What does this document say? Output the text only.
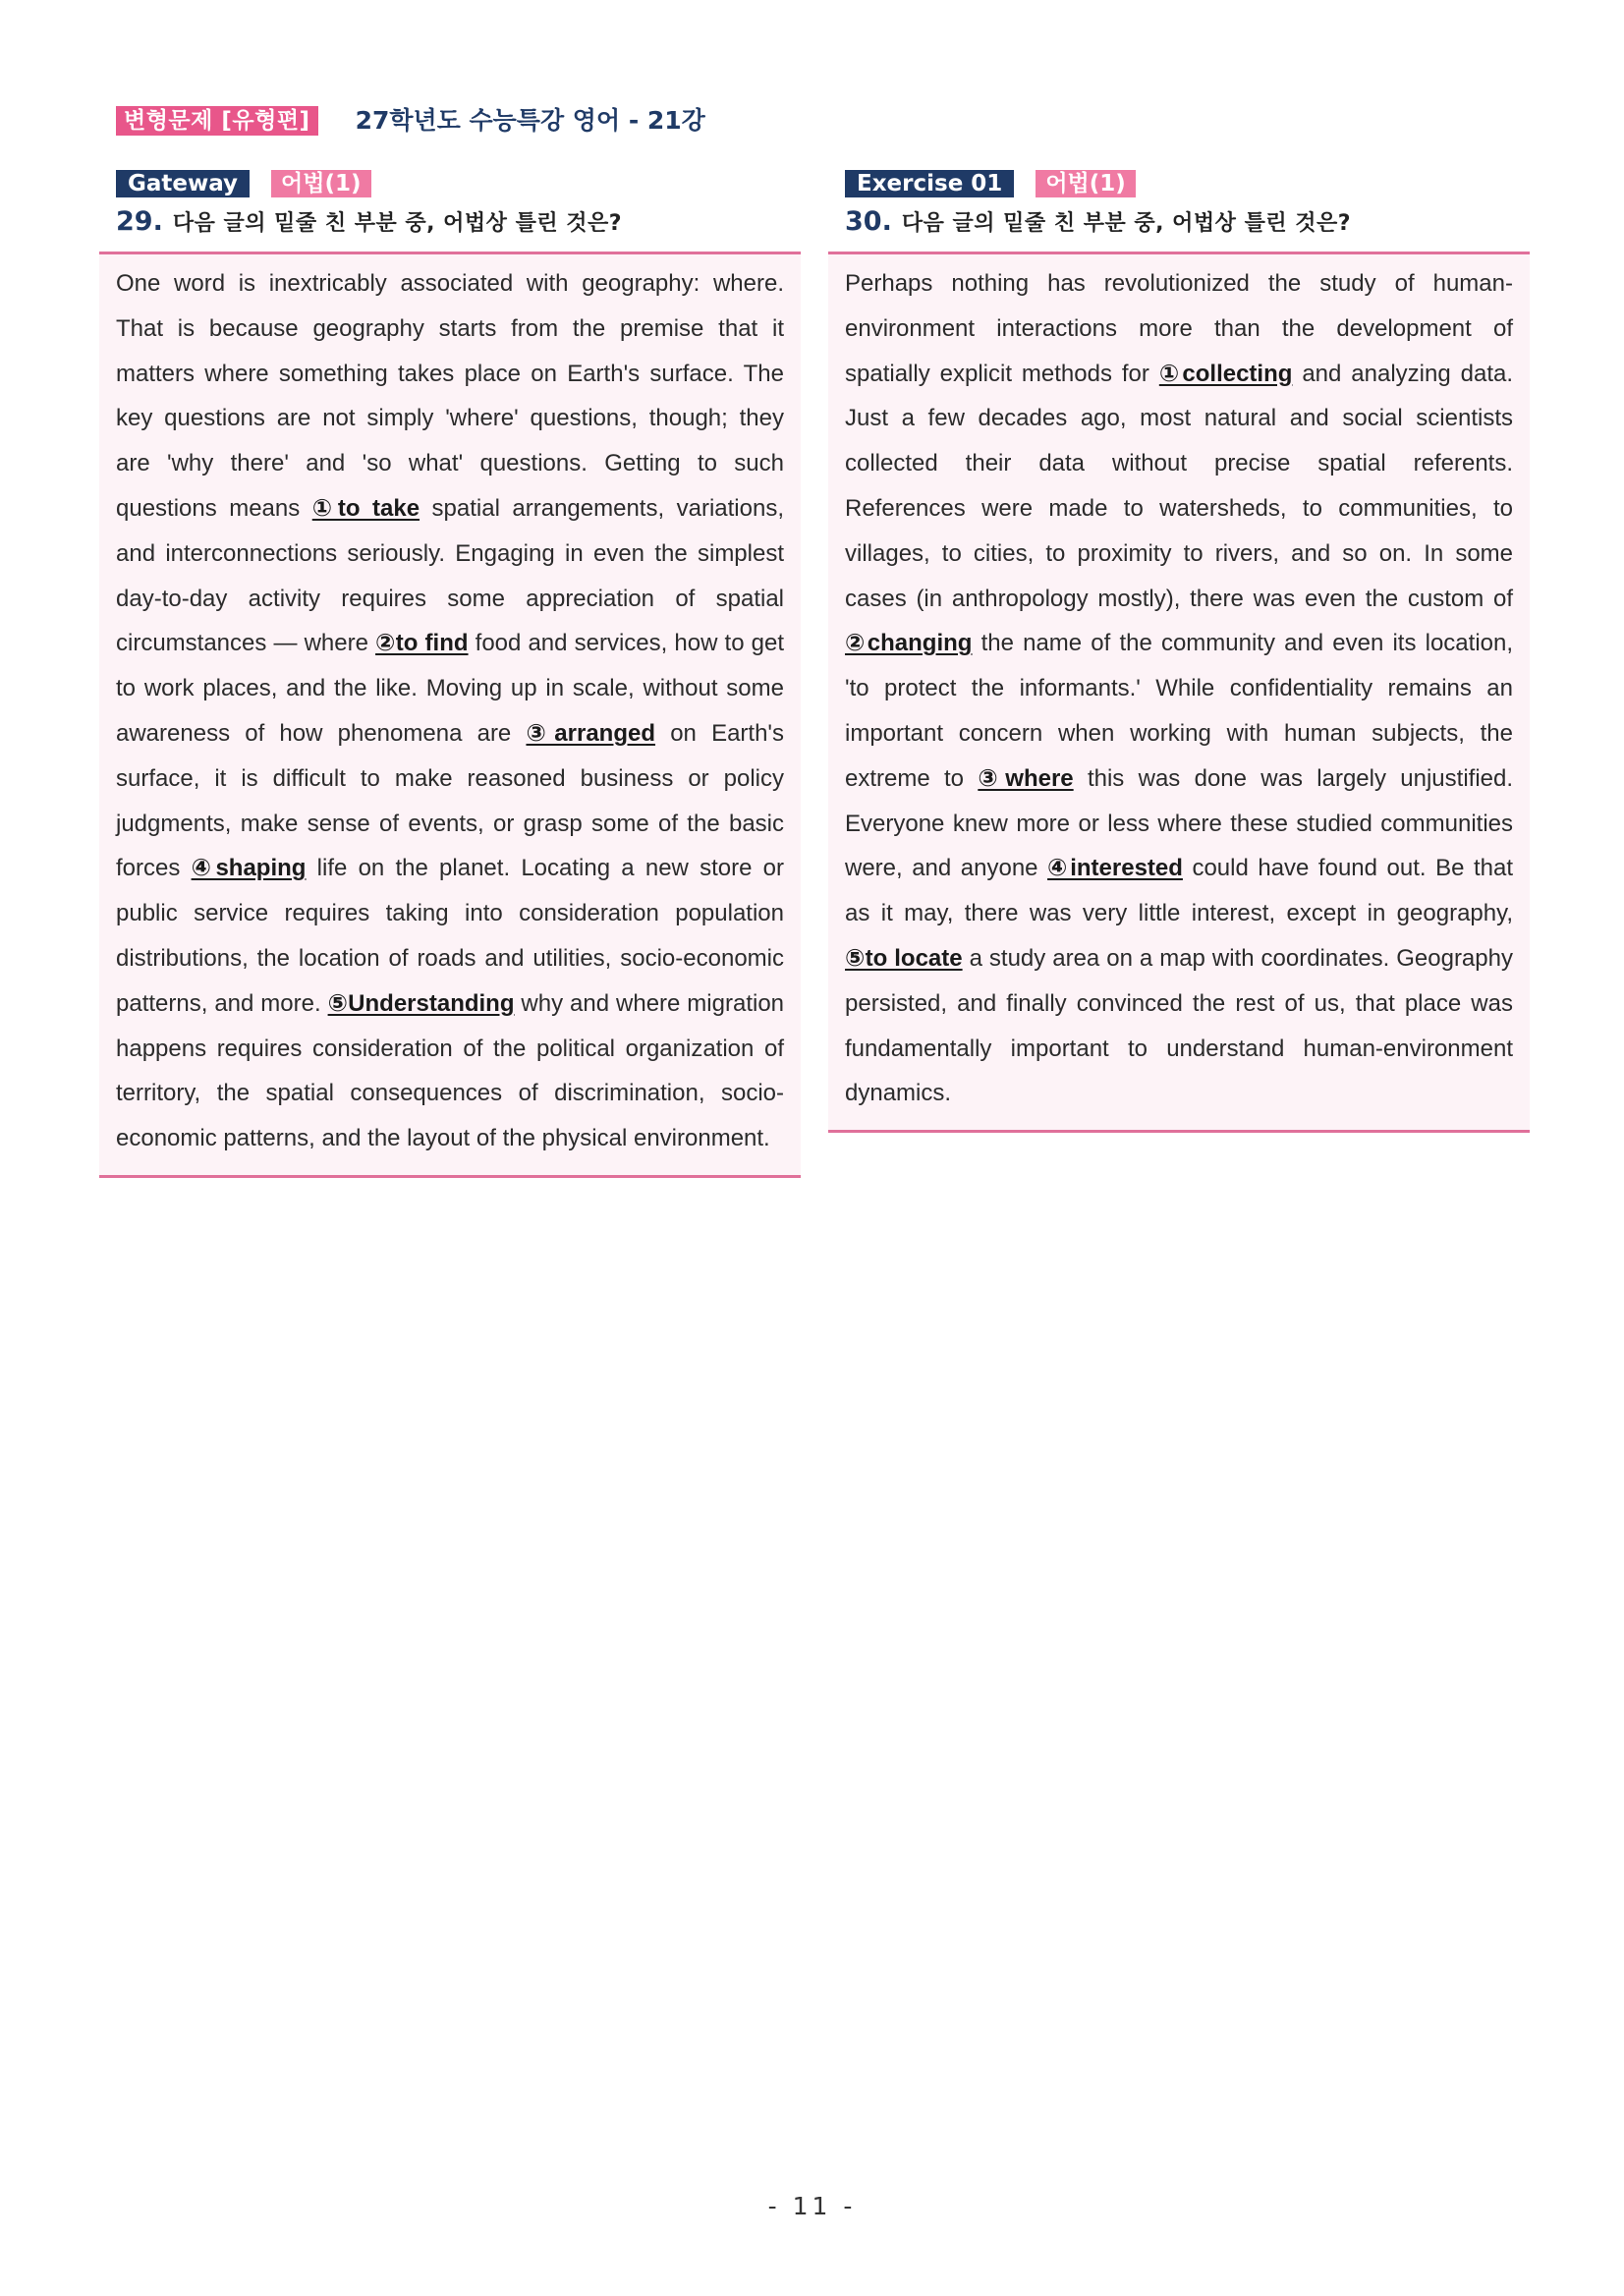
변형문제 [유형편]	27학년도 수능특강 영어 - 21강
Gateway	어법(1)
29. 다음 글의 밑줄 친 부분 중, 어법상 틀린 것은?

One word is inextricably associated with geography: where. That is because geography starts from the premise that it matters where something takes place on Earth's surface. The key questions are not simply 'where' questions, though; they are 'why there' and 'so what' questions. Getting to such questions means ①to take spatial arrangements, variations, and interconnections seriously. Engaging in even the simplest day-to-day activity requires some appreciation of spatial circumstances — where ②to find food and services, how to get to work places, and the like. Moving up in scale, without some awareness of how phenomena are ③arranged on Earth's surface, it is difficult to make reasoned business or policy judgments, make sense of events, or grasp some of the basic forces ④shaping life on the planet. Locating a new store or public service requires taking into consideration population distributions, the location of roads and utilities, socio-economic patterns, and more. ⑤Understanding why and where migration happens requires consideration of the political organization of territory, the spatial consequences of discrimination, socio-economic patterns, and the layout of the physical environment.

Exercise 01	어법(1)
30. 다음 글의 밑줄 친 부분 중, 어법상 틀린 것은?

Perhaps nothing has revolutionized the study of human-environment interactions more than the development of spatially explicit methods for ①collecting and analyzing data. Just a few decades ago, most natural and social scientists collected their data without precise spatial referents. References were made to watersheds, to communities, to villages, to cities, to proximity to rivers, and so on. In some cases (in anthropology mostly), there was even the custom of ②changing the name of the community and even its location, 'to protect the informants.' While confidentiality remains an important concern when working with human subjects, the extreme to ③where this was done was largely unjustified. Everyone knew more or less where these studied communities were, and anyone ④interested could have found out. Be that as it may, there was very little interest, except in geography, ⑤to locate a study area on a map with coordinates. Geography persisted, and finally convinced the rest of us, that place was fundamentally important to understand human-environment dynamics.

- 11 -
